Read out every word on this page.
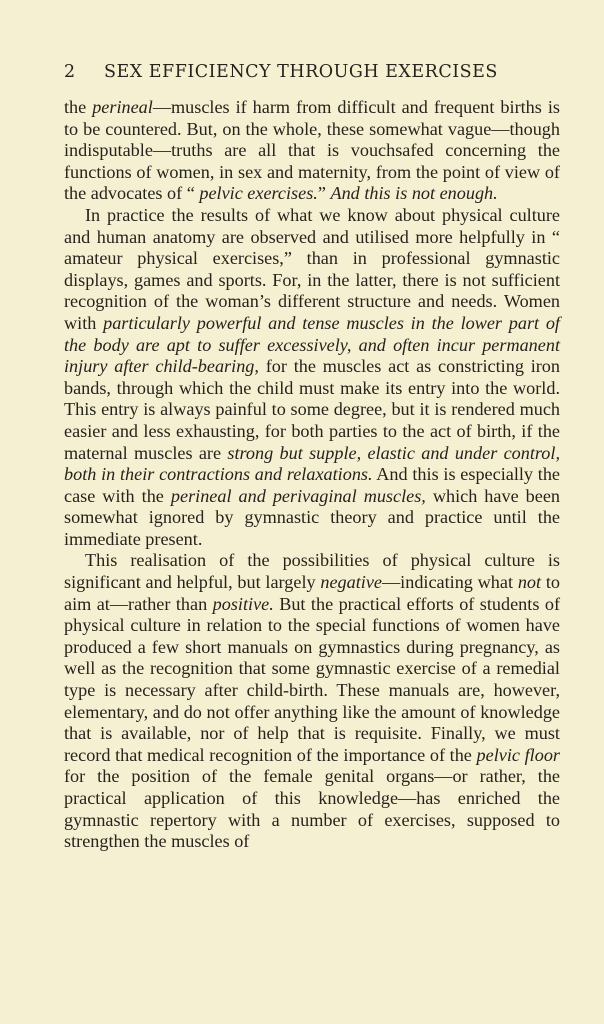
2 SEX EFFICIENCY THROUGH EXERCISES

the perineal—muscles if harm from difficult and frequent births is to be countered. But, on the whole, these somewhat vague—though indisputable—truths are all that is vouchsafed concerning the functions of women, in sex and maternity, from the point of view of the advocates of “ pelvic exercises.” And this is not enough.

In practice the results of what we know about physical culture and human anatomy are observed and utilised more helpfully in “ amateur physical exercises,” than in professional gymnastic displays, games and sports. For, in the latter, there is not sufficient recognition of the woman’s different structure and needs. Women with particularly powerful and tense muscles in the lower part of the body are apt to suffer excessively, and often incur permanent injury after child-bearing, for the muscles act as constricting iron bands, through which the child must make its entry into the world. This entry is always painful to some degree, but it is rendered much easier and less exhausting, for both parties to the act of birth, if the maternal muscles are strong but supple, elastic and under control, both in their contractions and relaxations. And this is especially the case with the perineal and perivaginal muscles, which have been somewhat ignored by gymnastic theory and practice until the immediate present.

This realisation of the possibilities of physical culture is significant and helpful, but largely negative—indicating what not to aim at—rather than positive. But the practical efforts of students of physical culture in relation to the special functions of women have produced a few short manuals on gymnastics during pregnancy, as well as the recognition that some gymnastic exercise of a remedial type is necessary after child-birth. These manuals are, however, elementary, and do not offer anything like the amount of knowledge that is available, nor of help that is requisite. Finally, we must record that medical recognition of the importance of the pelvic floor for the position of the female genital organs—or rather, the practical application of this knowledge—has enriched the gymnastic repertory with a number of exercises, supposed to strengthen the muscles of
